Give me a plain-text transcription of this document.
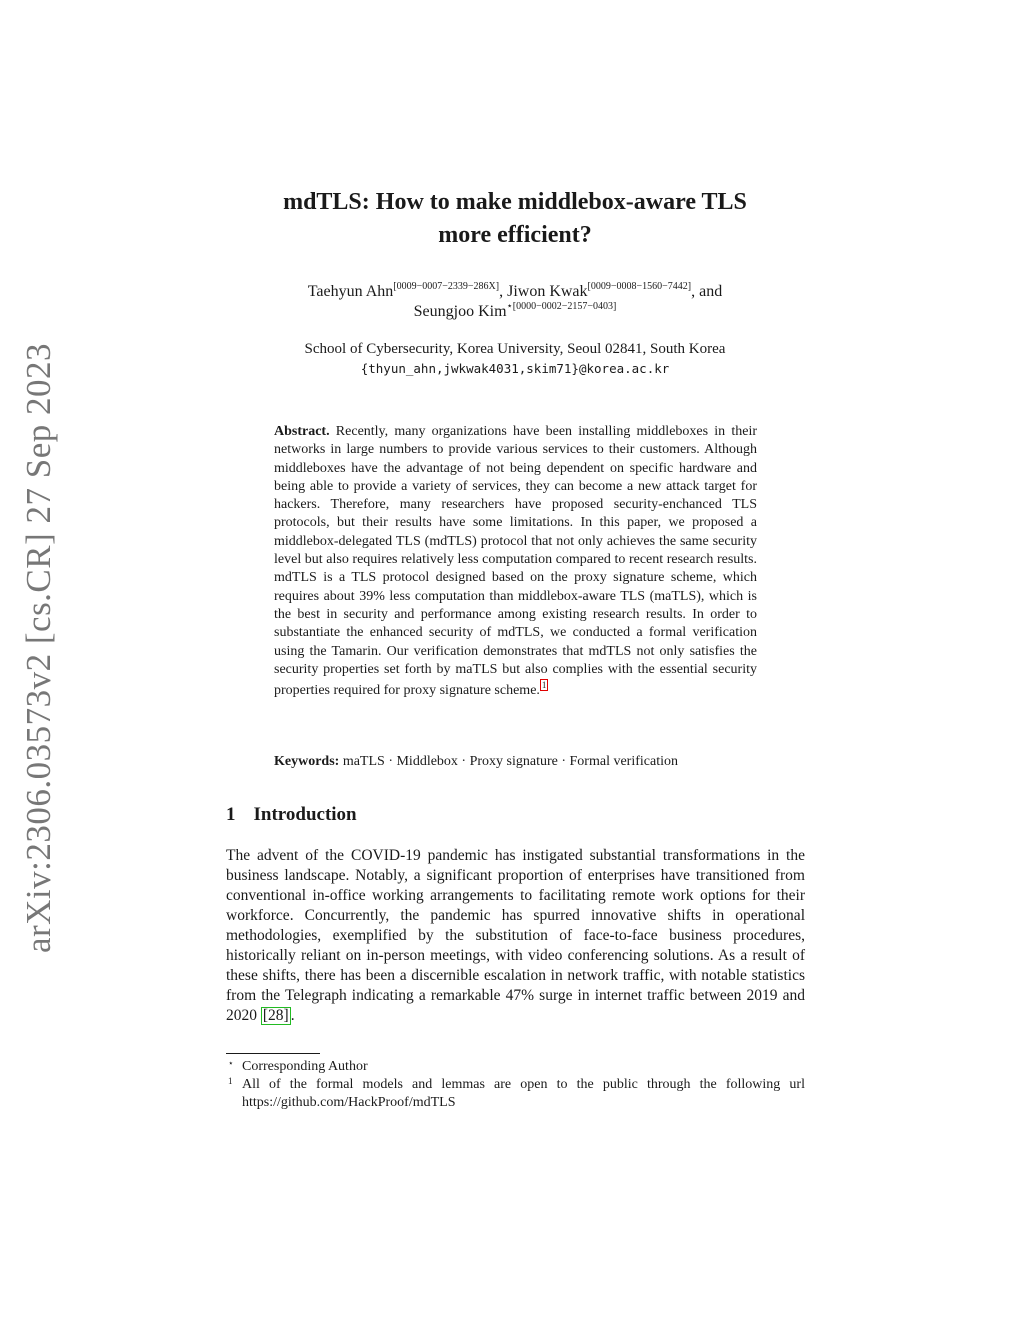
arXiv:2306.03573v2 [cs.CR] 27 Sep 2023
mdTLS: How to make middlebox-aware TLS
more efficient?
Taehyun Ahn[0009−0007−2339−286X], Jiwon Kwak[0009−0008−1560−7442], and
Seungjoo Kim$^{⋆[0000-0002-2157-0403]}$
School of Cybersecurity, Korea University, Seoul 02841, South Korea
{thyun_ahn,jwkwak4031,skim71}@korea.ac.kr
Abstract. Recently, many organizations have been installing middleboxes in their networks in large numbers to provide various services to their customers. Although middleboxes have the advantage of not being dependent on specific hardware and being able to provide a variety of services, they can become a new attack target for hackers. Therefore, many researchers have proposed security-enchanced TLS protocols, but their results have some limitations. In this paper, we proposed a middlebox-delegated TLS (mdTLS) protocol that not only achieves the same security level but also requires relatively less computation compared to recent research results. mdTLS is a TLS protocol designed based on the proxy signature scheme, which requires about 39% less computation than middlebox-aware TLS (maTLS), which is the best in security and performance among existing research results. In order to substantiate the enhanced security of mdTLS, we conducted a formal verification using the Tamarin. Our verification demonstrates that mdTLS not only satisfies the security properties set forth by maTLS but also complies with the essential security properties required for proxy signature scheme. 1
Keywords: maTLS · Middlebox · Proxy signature · Formal verification
1 Introduction
The advent of the COVID-19 pandemic has instigated substantial transformations in the business landscape. Notably, a significant proportion of enterprises have transitioned from conventional in-office working arrangements to facilitating remote work options for their workforce. Concurrently, the pandemic has spurred innovative shifts in operational methodologies, exemplified by the substitution of face-to-face business procedures, historically reliant on in-person meetings, with video conferencing solutions. As a result of these shifts, there has been a discernible escalation in network traffic, with notable statistics from the Telegraph indicating a remarkable 47% surge in internet traffic between 2019 and 2020 [28] .
⋆ Corresponding Author
1 All of the formal models and lemmas are open to the public through the following url https://github.com/HackProof/mdTLS
